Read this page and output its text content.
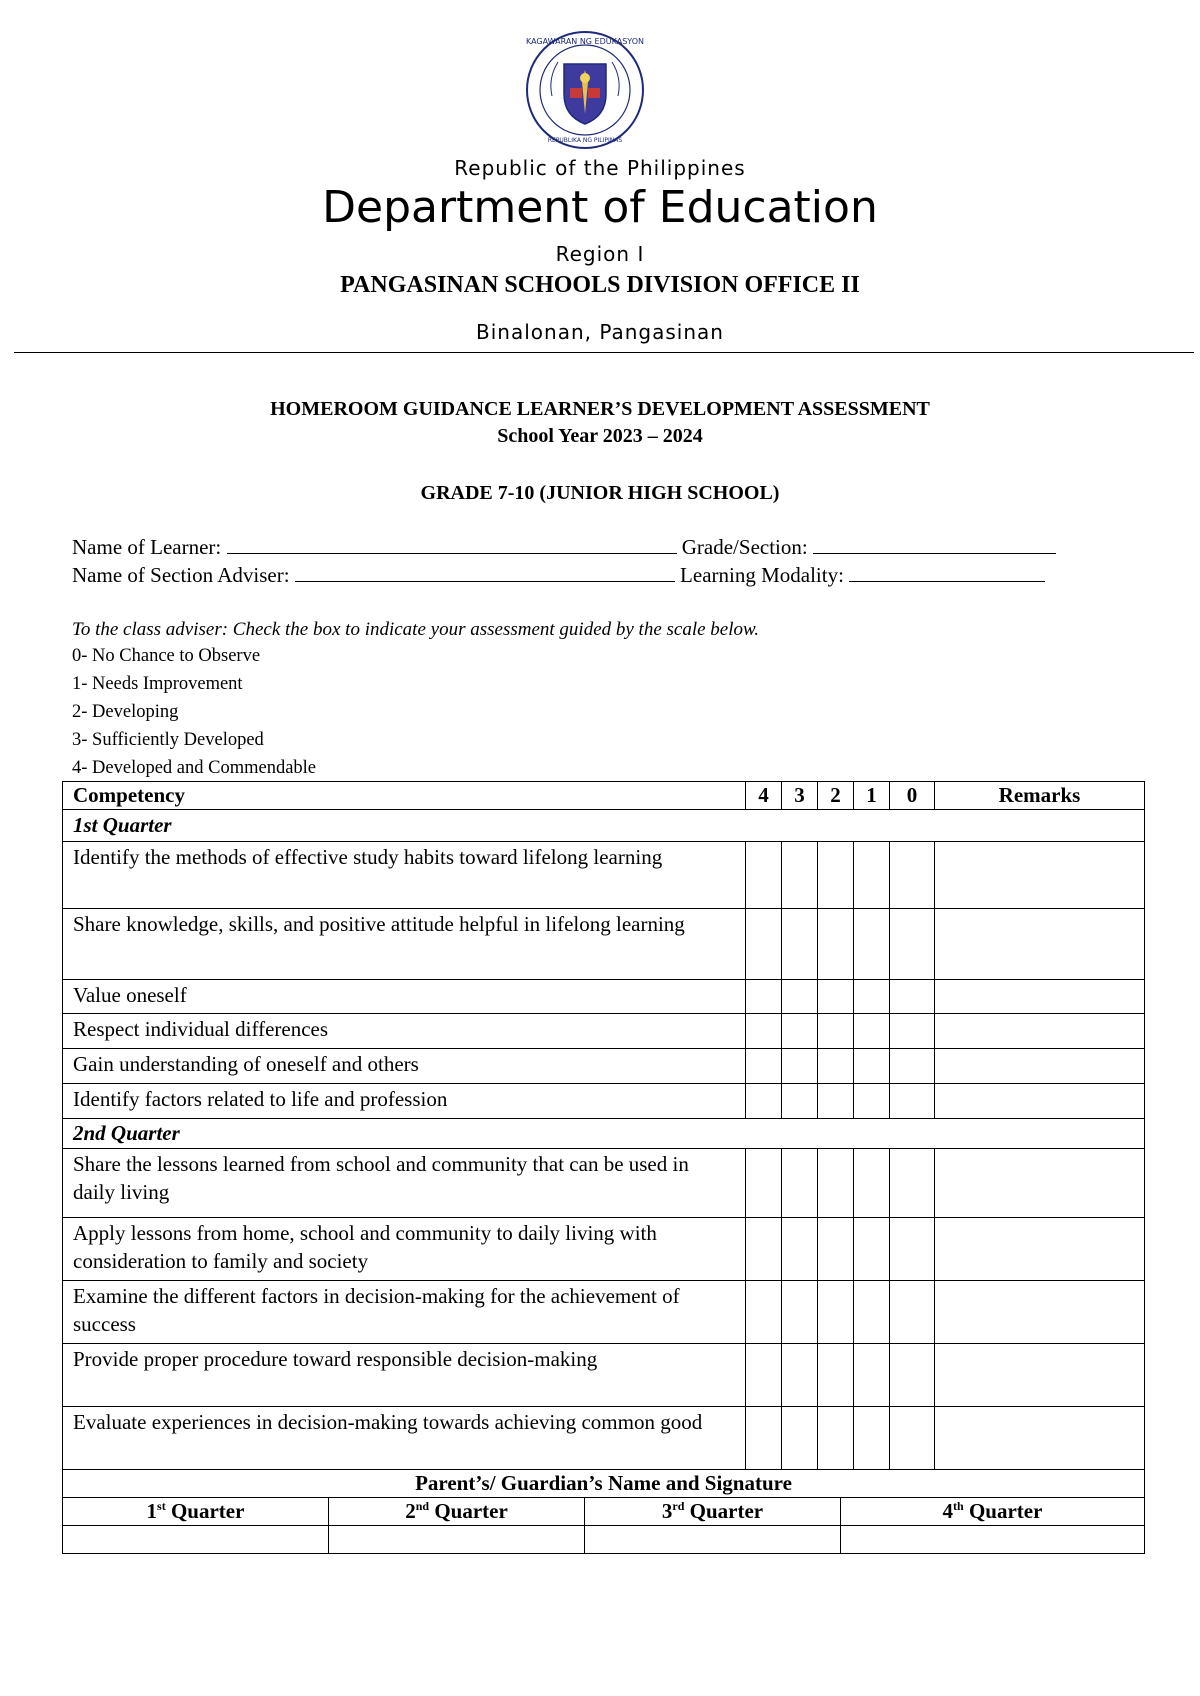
KAGAWARAN NG EDUKASYON
REPUBLIKA NG PILIPINAS
Republic of the Philippines
Department of Education
Region I
PANGASINAN SCHOOLS DIVISION OFFICE II
Binalonan, Pangasinan
HOMEROOM GUIDANCE LEARNER’S DEVELOPMENT ASSESSMENT
School Year 2023 – 2024
GRADE 7-10 (JUNIOR HIGH SCHOOL)
Name of Learner:	Grade/Section:
Name of Section Adviser:	Learning Modality:
To the class adviser: Check the box to indicate your assessment guided by the scale below.
0- No Chance to Observe
1- Needs Improvement
2- Developing
3- Sufficiently Developed
4- Developed and Commendable
Competency	4	3	2	1	0	Remarks
1st Quarter						
Identify the methods of effective study habits toward lifelong learning						
Share knowledge, skills, and positive attitude helpful in lifelong learning						
Value oneself						
Respect individual differences						
Gain understanding of oneself and others						
Identify factors related to life and profession						
2nd Quarter						
Share the lessons learned from school and community that can be used in daily living						
Apply lessons from home, school and community to daily living with consideration to family and society						
Examine the different factors in decision-making for the achievement of success						
Provide proper procedure toward responsible decision-making						
Evaluate experiences in decision-making towards achieving common good						
Parent’s/ Guardian’s Name and Signature			
1st Quarter	2nd Quarter	3rd Quarter	4th Quarter
